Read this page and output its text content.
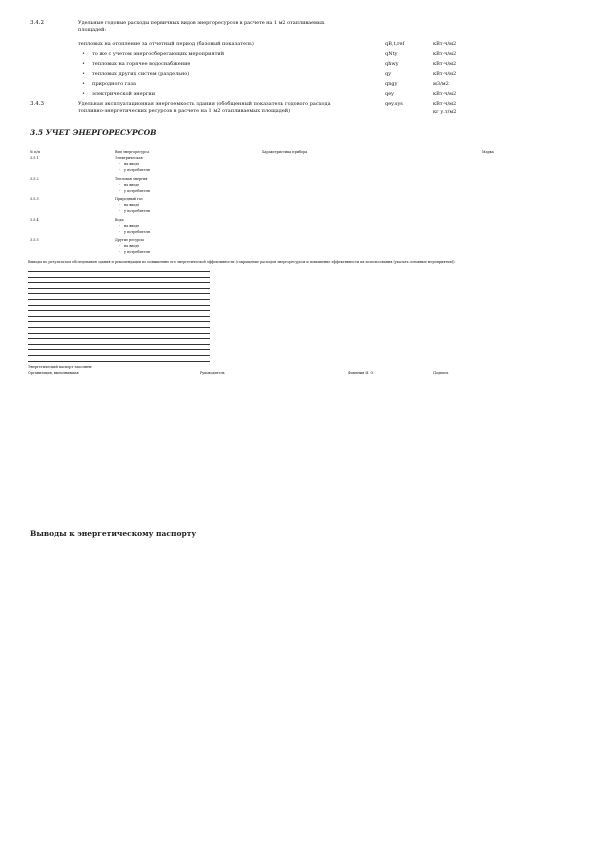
3.4.2	Удельные годовые расходы первичных видов энергоресурсов в расчете на 1 м2 отапливаемых
площадей:
тепловых на отопление за отчетный период (базовый показатель)	qB,t,ref	кВт·ч/м2
• то же с учетом энергосберегающих мероприятий	qNty	кВт·ч/м2
• тепловых на горячее водоснабжение	qhwy	кВт·ч/м2
• тепловых других систем (раздельно)	qy	кВт·ч/м2
• природного газа	qngy	м3/м2
• электрической энергии	qey	кВт·ч/м2
3.4.3	Удельная эксплуатационная энергоемкость здания (обобщенный показатель годового расхода
топливно-энергетических ресурсов в расчете на 1 м2 отапливаемых площадей)
qey.sys	кВт·ч/м2
кг у.т/м2
3.5 УЧЕТ ЭНЕРГОРЕСУРСОВ
№ п/п	Вид энергоресурса	Характеристика прибора	Марка
3.5.1	Электрическая
- на вводе
- у потребителя
3.5.2	Тепловая энергия
- на вводе
- у потребителя
3.5.3	Природный газ
- на вводе
- у потребителя
3.5.4	Вода
- на вводе
- у потребителя
3.5.5	Другие ресурсы
- на вводе
- у потребителя
Выводы по результатам обследования здания и рекомендации по повышению его энергетической эффективности (сокращение расходов энергоресурсов и повышение эффективности их использования (указать основные мероприятия)):
Энергетический паспорт заполнен:
Организация, выполнившая	Руководитель	Фамилия И. О.	Подпись
Выводы к энергетическому паспорту
